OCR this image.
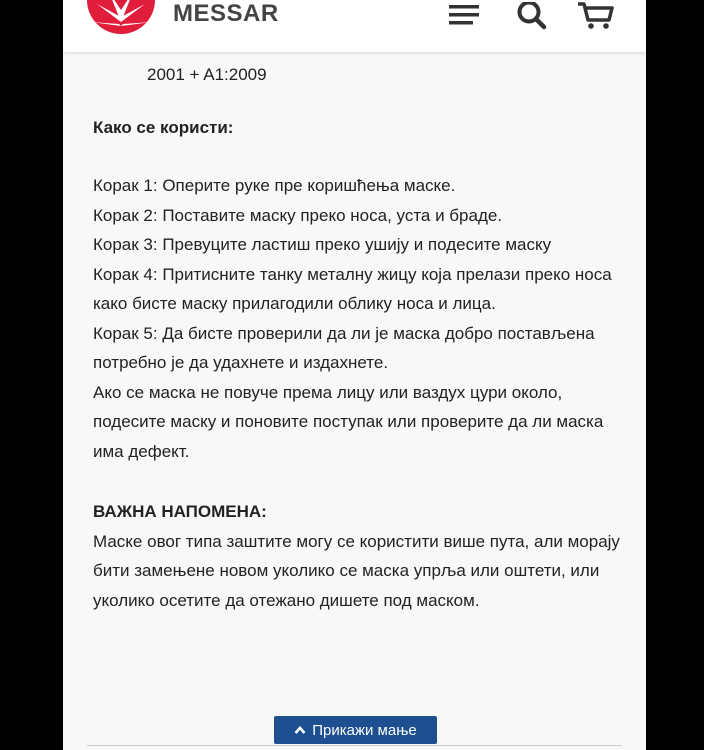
MESSAR
2001 + A1:2009
Како се користи:
Корак 1: Оперите руке пре коришћења маске.
Корак 2: Поставите маску преко носа, уста и браде.
Корак 3: Превуците ластиш преко ушију и подесите маску
Корак 4: Притисните танку металну жицу која прелази преко носа како бисте маску прилагодили облику носа и лица.
Корак 5: Да бисте проверили да ли је маска добро постављена потребно је да удахнете и издахнете.
Ако се маска не повуче према лицу или ваздух цури около, подесите маску и поновите поступак или проверите да ли маска има дефект.
ВАЖНА НАПОМЕНА:
Маске овог типа заштите могу се користити више пута, али морају бити замењене новом уколико се маска упрља или оштети, или уколико осетите да отежано дишете под маском.
Прикажи мање
